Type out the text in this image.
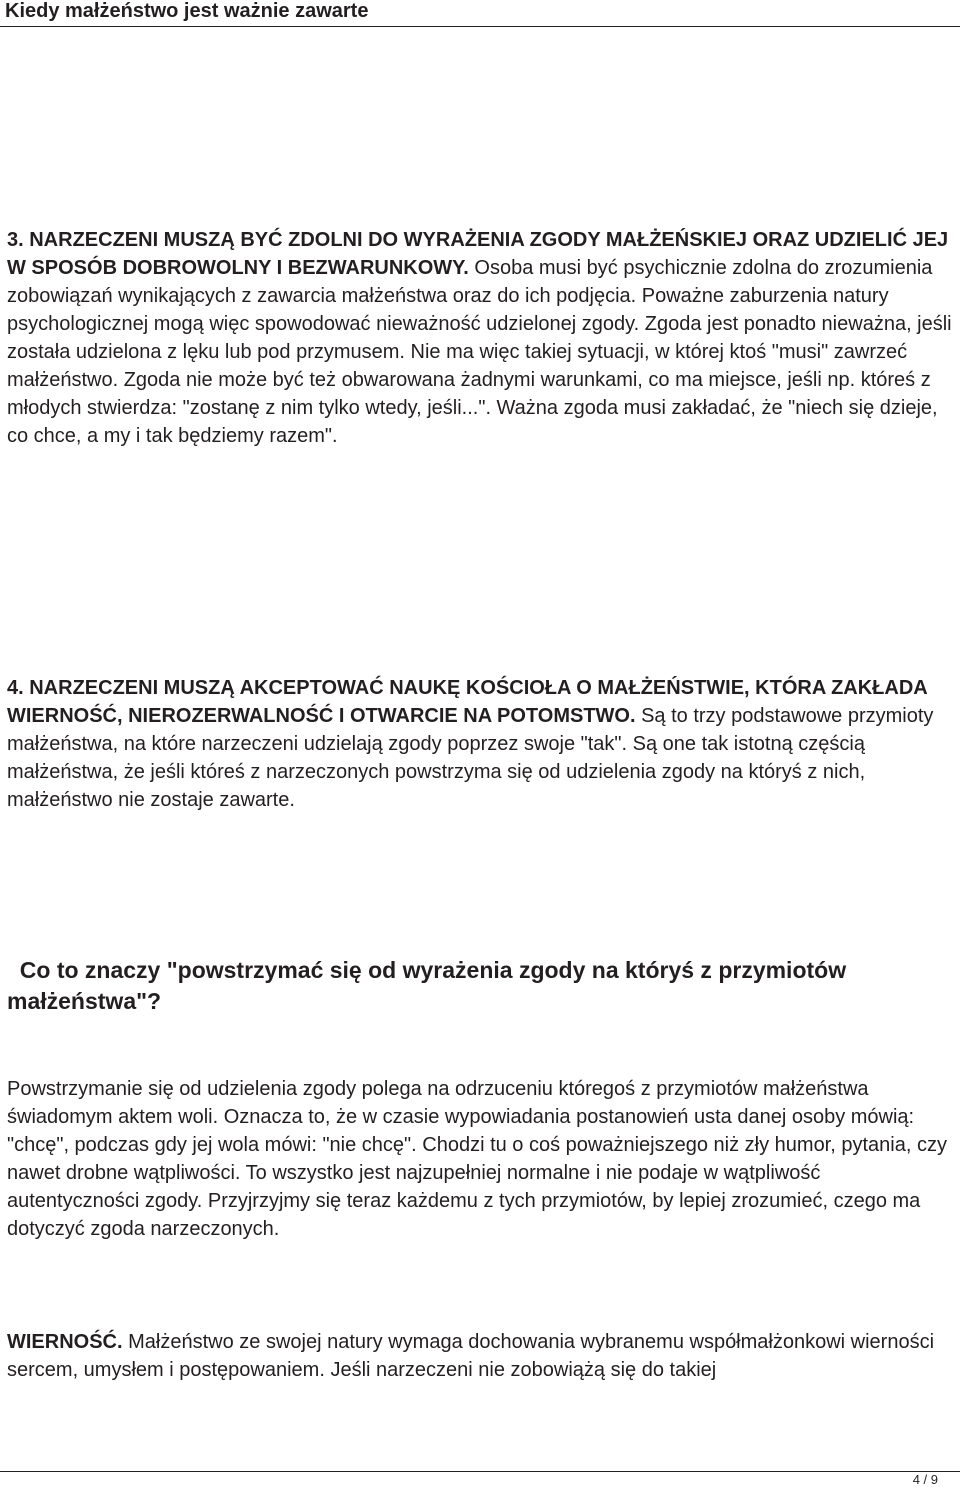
Kiedy małżeństwo jest ważnie zawarte

3. NARZECZENI MUSZĄ BYĆ ZDOLNI DO WYRAŻENIA ZGODY MAŁŻEŃSKIEJ ORAZ UDZIELIĆ JEJ W SPOSÓB DOBROWOLNY I BEZWARUNKOWY. Osoba musi być psychicznie zdolna do zrozumienia zobowiązań wynikających z zawarcia małżeństwa oraz do ich podjęcia. Poważne zaburzenia natury psychologicznej mogą więc spowodować nieważność udzielonej zgody. Zgoda jest ponadto nieważna, jeśli została udzielona z lęku lub pod przymusem. Nie ma więc takiej sytuacji, w której ktoś "musi" zawrzeć małżeństwo. Zgoda nie może być też obwarowana żadnymi warunkami, co ma miejsce, jeśli np. któreś z młodych stwierdza: "zostanę z nim tylko wtedy, jeśli...". Ważna zgoda musi zakładać, że "niech się dzieje, co chce, a my i tak będziemy razem".

4. NARZECZENI MUSZĄ AKCEPTOWAĆ NAUKĘ KOŚCIOŁA O MAŁŻEŃSTWIE, KTÓRA ZAKŁADA WIERNOŚĆ, NIEROZERWALNOŚĆ I OTWARCIE NA POTOMSTWO. Są to trzy podstawowe przymioty małżeństwa, na które narzeczeni udzielają zgody poprzez swoje "tak". Są one tak istotną częścią małżeństwa, że jeśli któreś z narzeczonych powstrzyma się od udzielenia zgody na któryś z nich, małżeństwo nie zostaje zawarte.

Co to znaczy "powstrzymać się od wyrażenia zgody na któryś z przymiotów małżeństwa"?

Powstrzymanie się od udzielenia zgody polega na odrzuceniu któregoś z przymiotów małżeństwa świadomym aktem woli. Oznacza to, że w czasie wypowiadania postanowień usta danej osoby mówią: "chcę", podczas gdy jej wola mówi: "nie chcę". Chodzi tu o coś poważniejszego niż zły humor, pytania, czy nawet drobne wątpliwości. To wszystko jest najzupełniej normalne i nie podaje w wątpliwość autentyczności zgody. Przyjrzyjmy się teraz każdemu z tych przymiotów, by lepiej zrozumieć, czego ma dotyczyć zgoda narzeczonych.

WIERNOŚĆ. Małżeństwo ze swojej natury wymaga dochowania wybranemu współmałżonkowi wierności sercem, umysłem i postępowaniem. Jeśli narzeczeni nie zobowiążą się do takiej

4 / 9
